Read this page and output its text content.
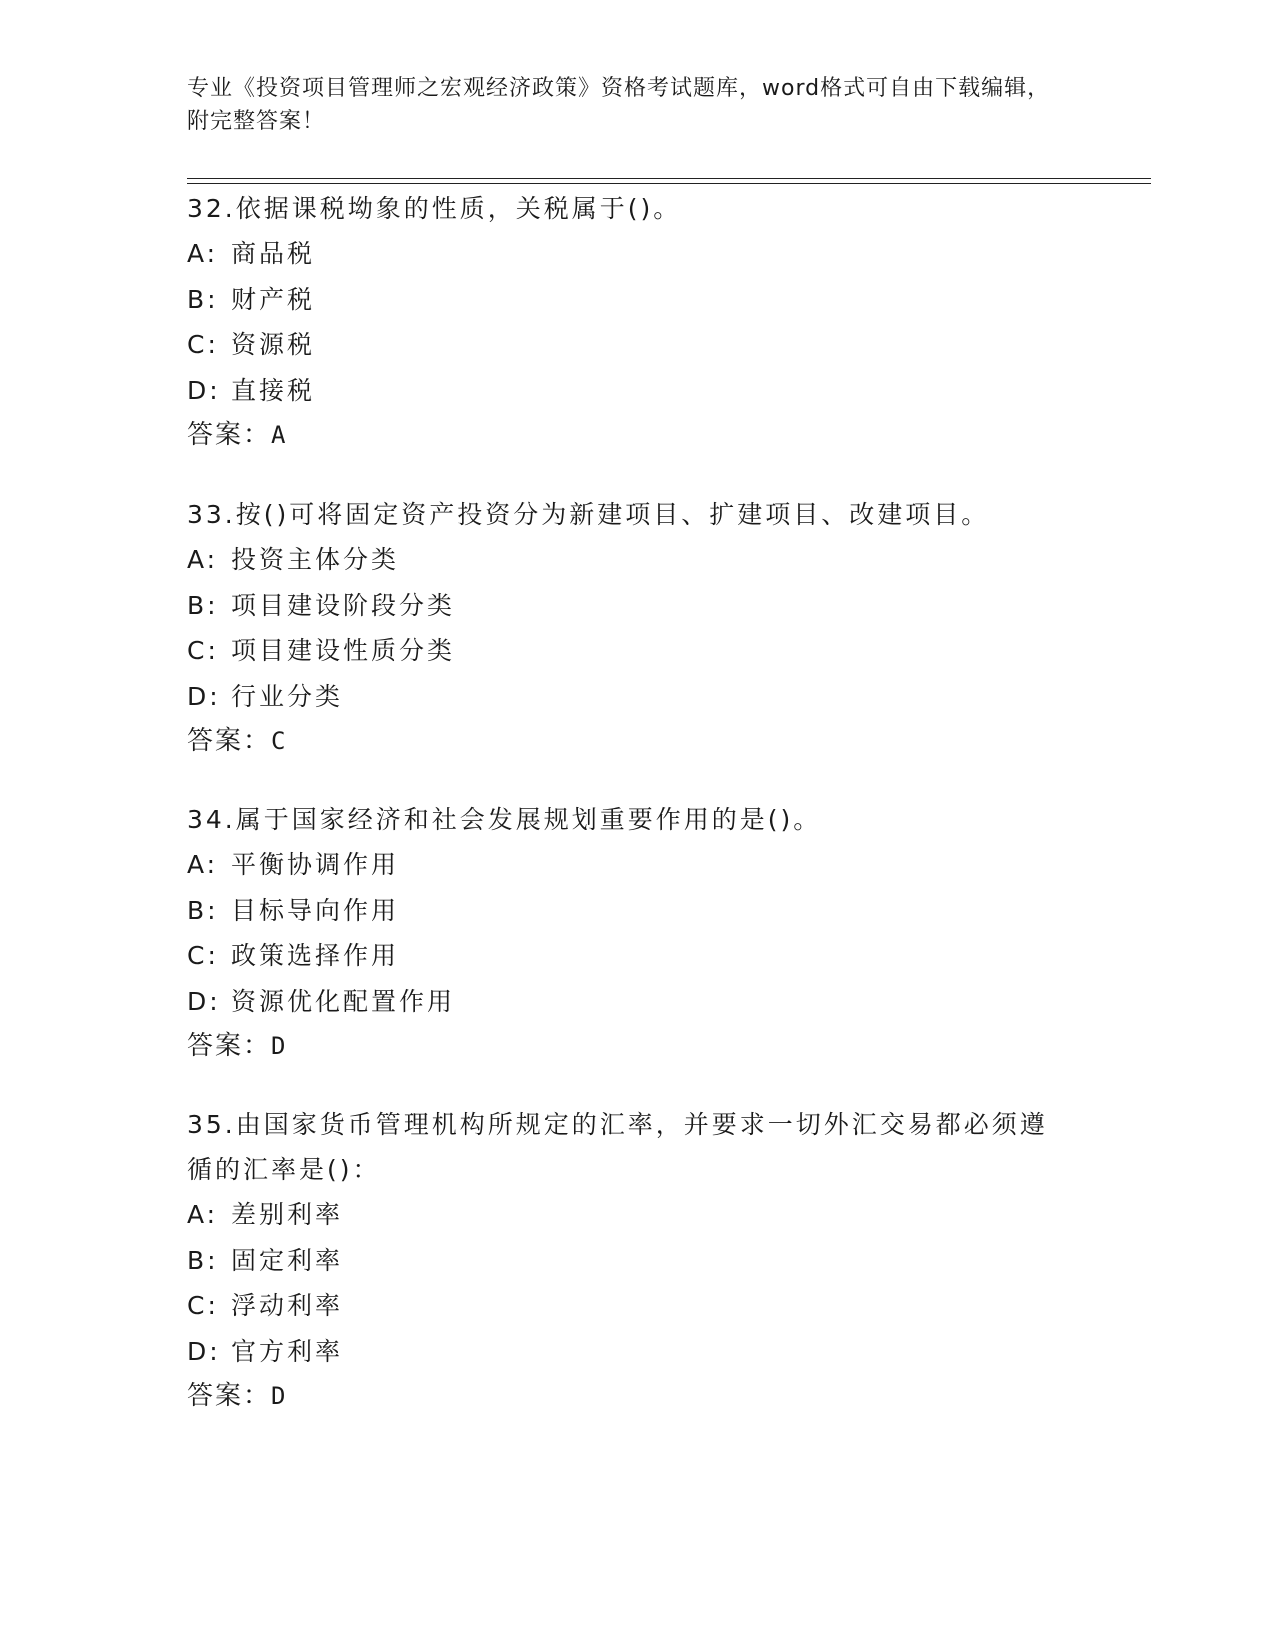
专业《投资项目管理师之宏观经济政策》资格考试题库，word格式可自由下载编辑，附完整答案！

32.依据课税坳象的性质，关税属于()。

A: 商品税
B: 财产税
C: 资源税
D: 直接税
答案：A

33.按()可将固定资产投资分为新建项目、扩建项目、改建项目。

A: 投资主体分类
B: 项目建设阶段分类
C: 项目建设性质分类
D: 行业分类
答案：C

34.属于国家经济和社会发展规划重要作用的是()。

A: 平衡协调作用
B: 目标导向作用
C: 政策选择作用
D: 资源优化配置作用
答案：D

35.由国家货币管理机构所规定的汇率，并要求一切外汇交易都必须遵循的汇率是()：

A: 差别利率
B: 固定利率
C: 浮动利率
D: 官方利率
答案：D
